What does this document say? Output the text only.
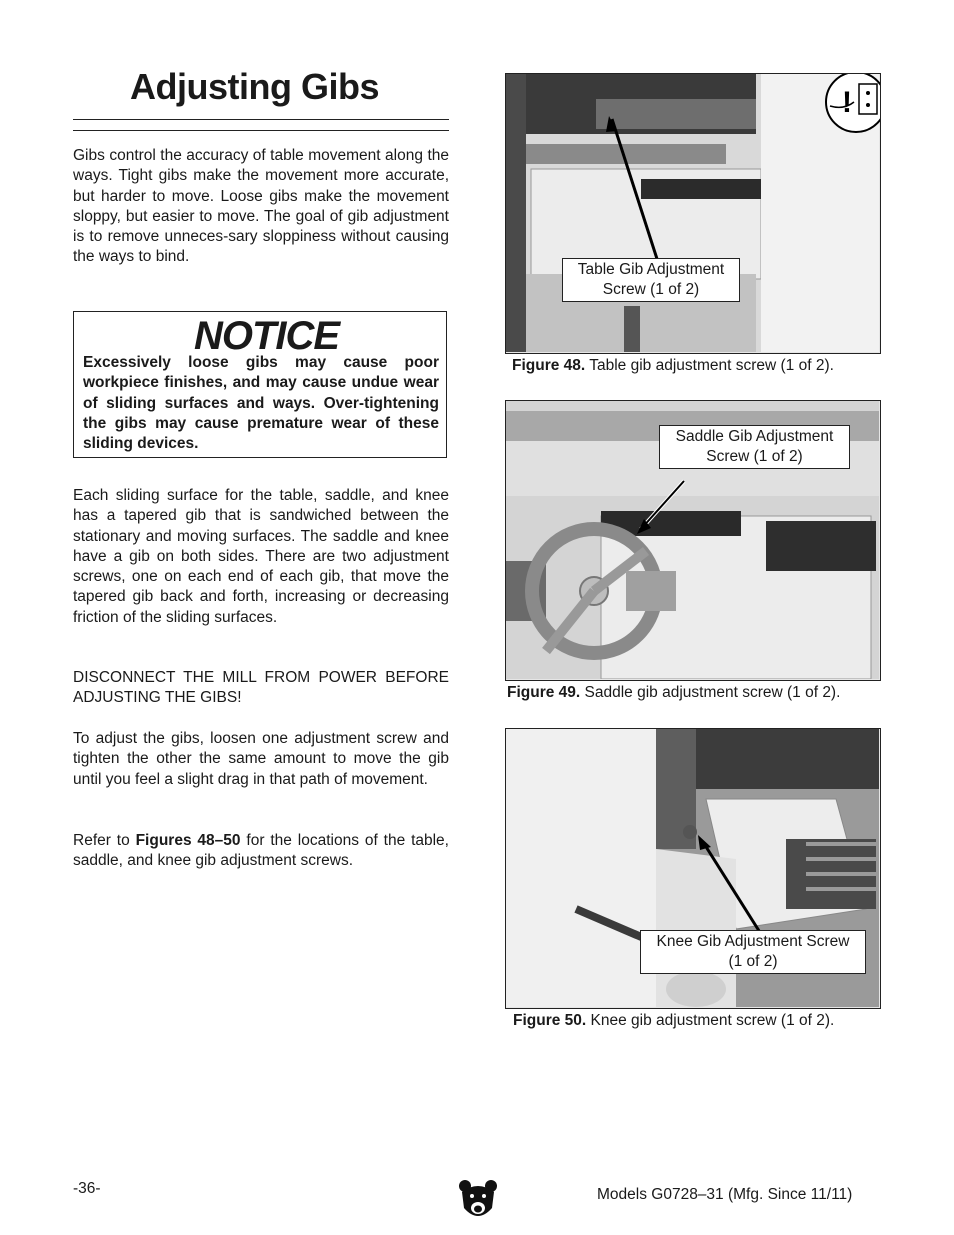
Adjusting Gibs

Gibs control the accuracy of table movement along the ways. Tight gibs make the movement more accurate, but harder to move. Loose gibs make the movement sloppy, but easier to move. The goal of gib adjustment is to remove unneces-sary sloppiness without causing the ways to bind.

NOTICE

Excessively loose gibs may cause poor workpiece finishes, and may cause undue wear of sliding surfaces and ways. Over-tightening the gibs may cause premature wear of these sliding devices.

Each sliding surface for the table, saddle, and knee has a tapered gib that is sandwiched between the stationary and moving surfaces. The saddle and knee have a gib on both sides. There are two adjustment screws, one on each end of each gib, that move the tapered gib back and forth, increasing or decreasing friction of the sliding surfaces.

DISCONNECT THE MILL FROM POWER BEFORE ADJUSTING THE GIBS!

To adjust the gibs, loosen one adjustment screw and tighten the other the same amount to move the gib until you feel a slight drag in that path of movement.

Refer to Figures 48–50 for the locations of the table, saddle, and knee gib adjustment screws.

!
Table Gib Adjustment
Screw (1 of 2)

Figure 48. Table gib adjustment screw (1 of 2).

Saddle Gib Adjustment
Screw (1 of 2)

Figure 49. Saddle gib adjustment screw (1 of 2).

Knee Gib Adjustment Screw
(1 of 2)

Figure 50. Knee gib adjustment screw (1 of 2).

-36-	Models G0728–31 (Mfg. Since 11/11)
